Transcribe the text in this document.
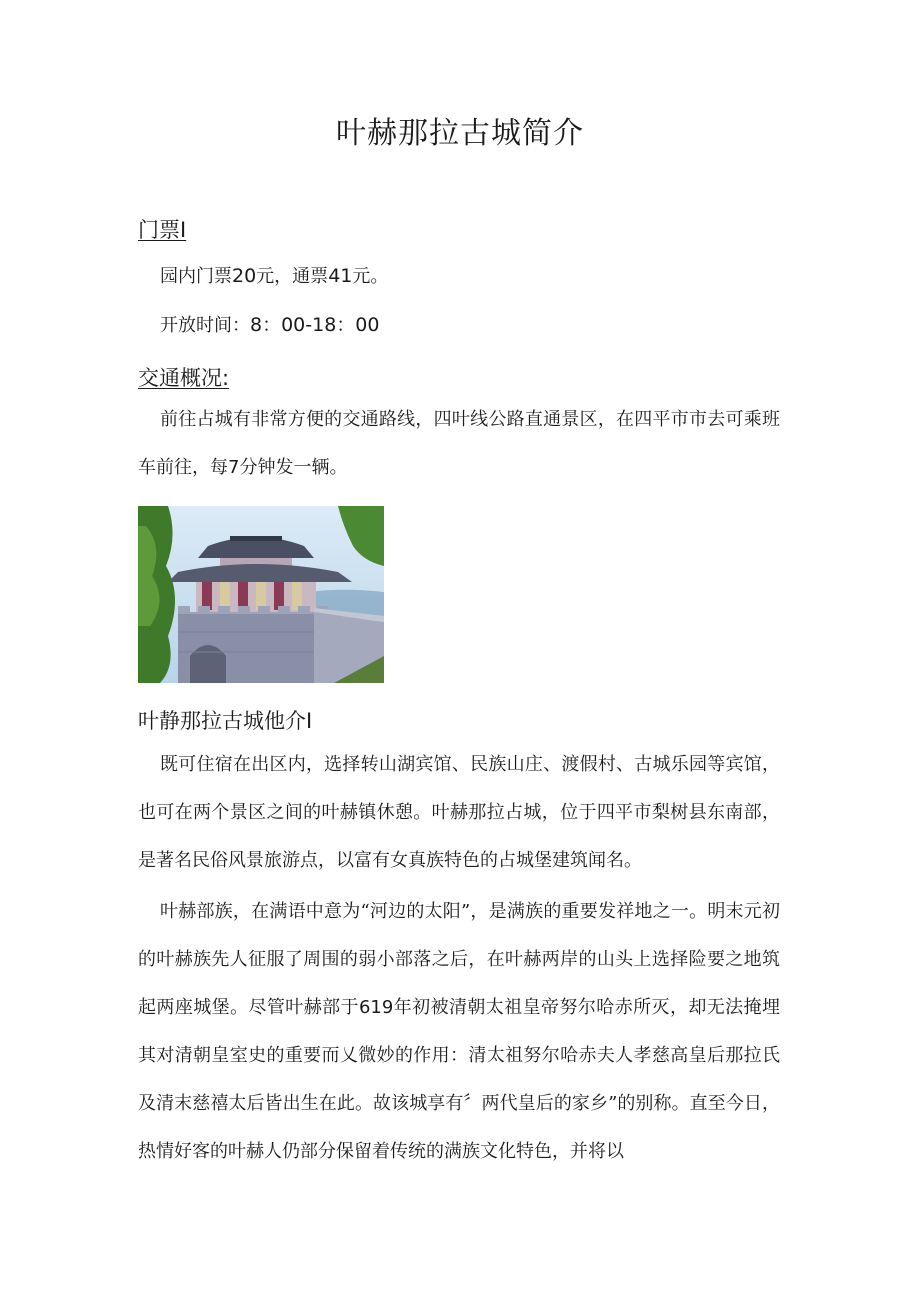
叶赫那拉古城简介
门票I

园内门票20元，通票41元。

开放时间：8：00-18：00

交通概况:

前往占城有非常方便的交通路线，四叶线公路直通景区，在四平市市去可乘班车前往，每7分钟发一辆。

叶静那拉古城他介I

既可住宿在出区内，选择转山湖宾馆、民族山庄、渡假村、古城乐园等宾馆，也可在两个景区之间的叶赫镇休憩。叶赫那拉占城，位于四平市梨树县东南部，是著名民俗风景旅游点，以富有女真族特色的占城堡建筑闻名。

叶赫部族，在满语中意为“河边的太阳”，是满族的重要发祥地之一。明末元初的叶赫族先人征服了周围的弱小部落之后，在叶赫两岸的山头上选择险要之地筑起两座城堡。尽管叶赫部于619年初被清朝太祖皇帝努尔哈赤所灭，却无法掩埋其对清朝皇室史的重要而乂微妙的作用：清太祖努尔哈赤夫人孝慈高皇后那拉氏及清末慈禧太后皆出生在此。故该城享有〞两代皇后的家乡”的别称。直至今日，热情好客的叶赫人仍部分保留着传统的满族文化特色，并将以
